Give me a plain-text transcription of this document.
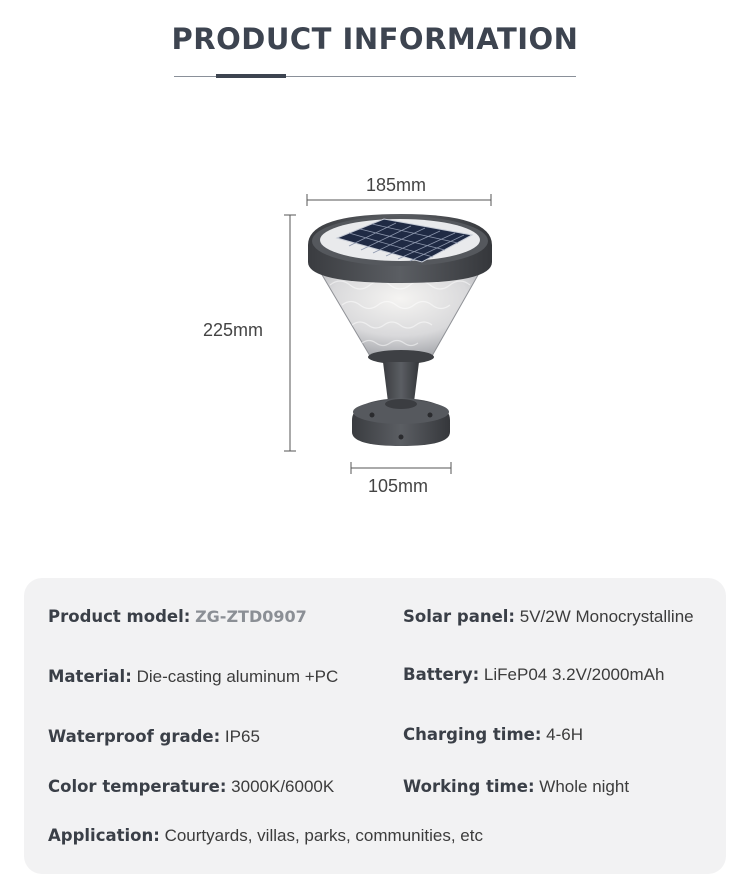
PRODUCT INFORMATION
185mm
225mm
105mm
Product model: ZG-ZTD0907	Solar panel: 5V/2W Monocrystalline
Material: Die-casting aluminum +PC	Battery: LiFeP04 3.2V/2000mAh
Waterproof grade: IP65	Charging time: 4-6H
Color temperature: 3000K/6000K	Working time: Whole night
Application: Courtyards, villas, parks, communities, etc
